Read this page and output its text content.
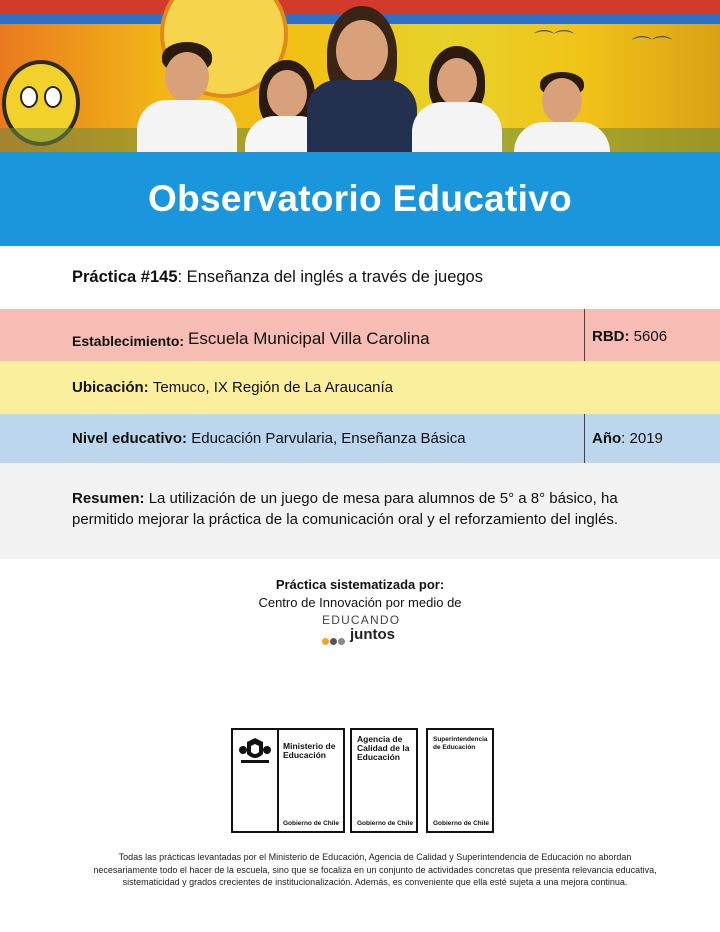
⌒⌒	⌒⌒
Observatorio Educativo
Práctica #145 : Enseñanza del inglés a través de juegos
Establecimiento: Escuela Municipal Villa Carolina	RBD:
5606
Ubicación:
Temuco, IX Región de La Araucanía
Nivel educativo:
Educación Parvularia, Enseñanza Básica	Año : 2019
Resumen: La utilización de un juego de mesa para alumnos de 5° a 8° básico, ha permitido mejorar la práctica de la comunicación oral y el reforzamiento del inglés.
Práctica sistematizada por:
Centro de Innovación por medio de
EDUCANDO
juntos
Ministerio de Educación
Gobierno de Chile
Agencia de Calidad de la Educación
Gobierno de Chile
Superintendencia de Educación
Gobierno de Chile
Todas las prácticas levantadas por el Ministerio de Educación, Agencia de Calidad y Superintendencia de Educación no abordan necesariamente todo el hacer de la escuela, sino que se focaliza en un conjunto de actividades concretas que presenta relevancia educativa, sistematicidad y grados crecientes de institucionalización. Además, es conveniente que ella esté sujeta a una mejora continua.
